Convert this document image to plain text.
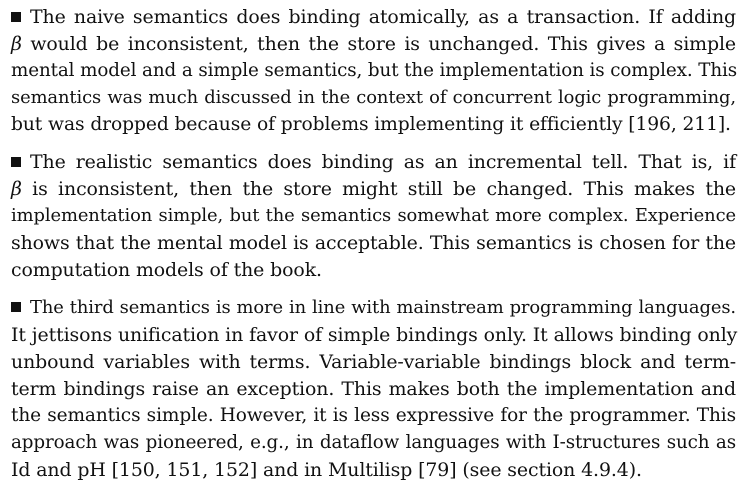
The naive semantics does binding atomically, as a transaction. If adding
β would be inconsistent, then the store is unchanged. This gives a simple
mental model and a simple semantics, but the implementation is complex. This
semantics was much discussed in the context of concurrent logic programming,
but was dropped because of problems implementing it efficiently [196, 211].
The realistic semantics does binding as an incremental tell. That is, if
β is inconsistent, then the store might still be changed. This makes the
implementation simple, but the semantics somewhat more complex. Experience
shows that the mental model is acceptable. This semantics is chosen for the
computation models of the book.
The third semantics is more in line with mainstream programming languages.
It jettisons unification in favor of simple bindings only. It allows binding only
unbound variables with terms. Variable-variable bindings block and term-
term bindings raise an exception. This makes both the implementation and
the semantics simple. However, it is less expressive for the programmer. This
approach was pioneered, e.g., in dataflow languages with I-structures such as
Id and pH [150, 151, 152] and in Multilisp [79] (see section 4.9.4).
